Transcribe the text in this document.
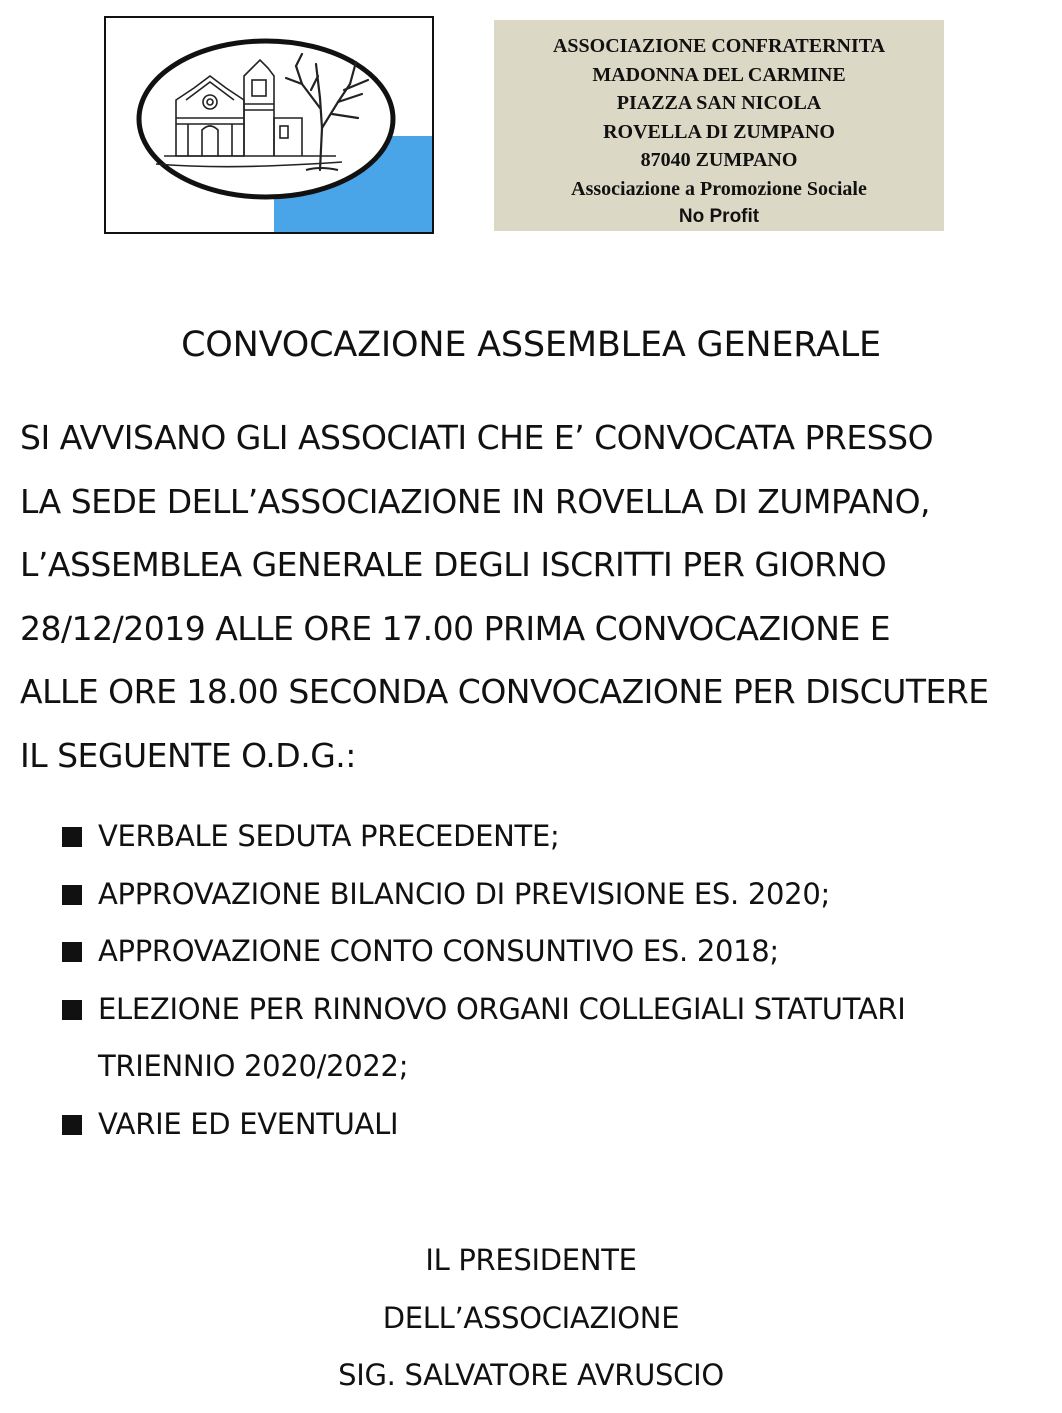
ASSOCIAZIONE CONFRATERNITA
MADONNA DEL CARMINE
PIAZZA SAN NICOLA
ROVELLA DI ZUMPANO
87040 ZUMPANO
Associazione a Promozione Sociale
No Profit
CONVOCAZIONE ASSEMBLEA GENERALE
SI AVVISANO GLI ASSOCIATI CHE E’ CONVOCATA PRESSO
LA SEDE DELL’ASSOCIAZIONE IN ROVELLA DI ZUMPANO,
L’ASSEMBLEA GENERALE DEGLI ISCRITTI PER GIORNO
28/12/2019 ALLE ORE 17.00 PRIMA CONVOCAZIONE E
ALLE ORE 18.00 SECONDA CONVOCAZIONE PER DISCUTERE
IL SEGUENTE O.D.G.:
VERBALE SEDUTA PRECEDENTE;
APPROVAZIONE BILANCIO DI PREVISIONE ES. 2020;
APPROVAZIONE CONTO CONSUNTIVO ES. 2018;
ELEZIONE PER RINNOVO ORGANI COLLEGIALI STATUTARI
TRIENNIO 2020/2022;
VARIE ED EVENTUALI
IL PRESIDENTE
DELL’ASSOCIAZIONE
SIG. SALVATORE AVRUSCIO
